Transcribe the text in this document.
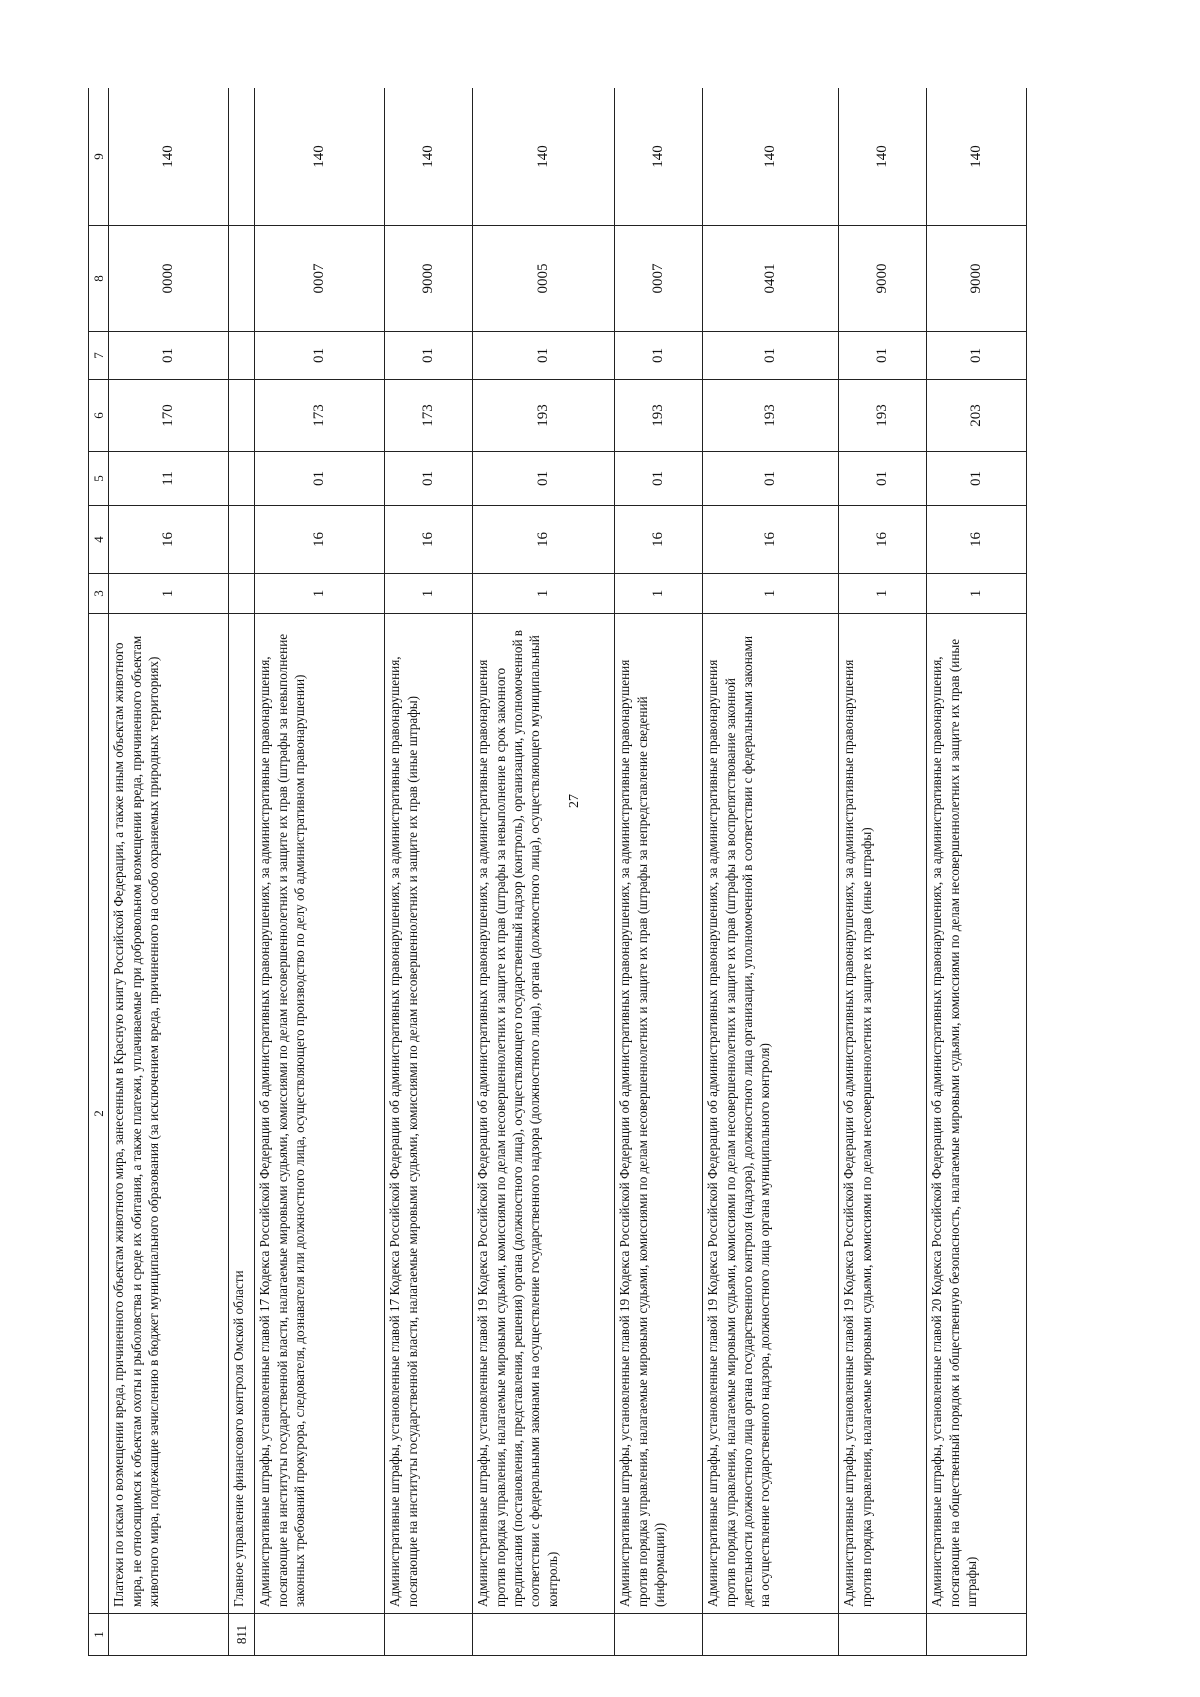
27
1	2	3	4	5	6	7	8	9
	Платежи по искам о возмещении вреда, причиненного объектам животного мира, занесенным в Красную книгу Российской Федерации, а также иным объектам животного мира, не относящимся к объектам охоты и рыболовства и среде их обитания, а также платежи, уплачиваемые при добровольном возмещении вреда, причиненного объектам животного мира, подлежащие зачислению в бюджет муниципального образования (за исключением вреда, причиненного на особо охраняемых природных территориях)	1	16	11	170	01	0000	140
811	Главное управление финансового контроля Омской области							
	Административные штрафы, установленные главой 17 Кодекса Российской Федерации об административных правонарушениях, за административные правонарушения, посягающие на институты государственной власти, налагаемые мировыми судьями, комиссиями по делам несовершеннолетних и защите их прав (штрафы за невыполнение законных требований прокурора, следователя, дознавателя или должностного лица, осуществляющего производство по делу об административном правонарушении)	1	16	01	173	01	0007	140
	Административные штрафы, установленные главой 17 Кодекса Российской Федерации об административных правонарушениях, за административные правонарушения, посягающие на институты государственной власти, налагаемые мировыми судьями, комиссиями по делам несовершеннолетних и защите их прав (иные штрафы)	1	16	01	173	01	9000	140
	Административные штрафы, установленные главой 19 Кодекса Российской Федерации об административных правонарушениях, за административные правонарушения против порядка управления, налагаемые мировыми судьями, комиссиями по делам несовершеннолетних и защите их прав (штрафы за невыполнение в срок законного предписания (постановления, представления, решения) органа (должностного лица), осуществляющего государственный надзор (контроль), организации, уполномоченной в соответствии с федеральными законами на осуществление государственного надзора (должностного лица), органа (должностного лица), осуществляющего муниципальный контроль)	1	16	01	193	01	0005	140
	Административные штрафы, установленные главой 19 Кодекса Российской Федерации об административных правонарушениях, за административные правонарушения против порядка управления, налагаемые мировыми судьями, комиссиями по делам несовершеннолетних и защите их прав (штрафы за непредставление сведений (информации))	1	16	01	193	01	0007	140
	Административные штрафы, установленные главой 19 Кодекса Российской Федерации об административных правонарушениях, за административные правонарушения против порядка управления, налагаемые мировыми судьями, комиссиями по делам несовершеннолетних и защите их прав (штрафы за воспрепятствование законной деятельности должностного лица органа государственного контроля (надзора), должностного лица организации, уполномоченной в соответствии с федеральными законами на осуществление государственного надзора, должностного лица органа муниципального контроля)	1	16	01	193	01	0401	140
	Административные штрафы, установленные главой 19 Кодекса Российской Федерации об административных правонарушениях, за административные правонарушения против порядка управления, налагаемые мировыми судьями, комиссиями по делам несовершеннолетних и защите их прав (иные штрафы)	1	16	01	193	01	9000	140
	Административные штрафы, установленные главой 20 Кодекса Российской Федерации об административных правонарушениях, за административные правонарушения, посягающие на общественный порядок и общественную безопасность, налагаемые мировыми судьями, комиссиями по делам несовершеннолетних и защите их прав (иные штрафы)	1	16	01	203	01	9000	140
